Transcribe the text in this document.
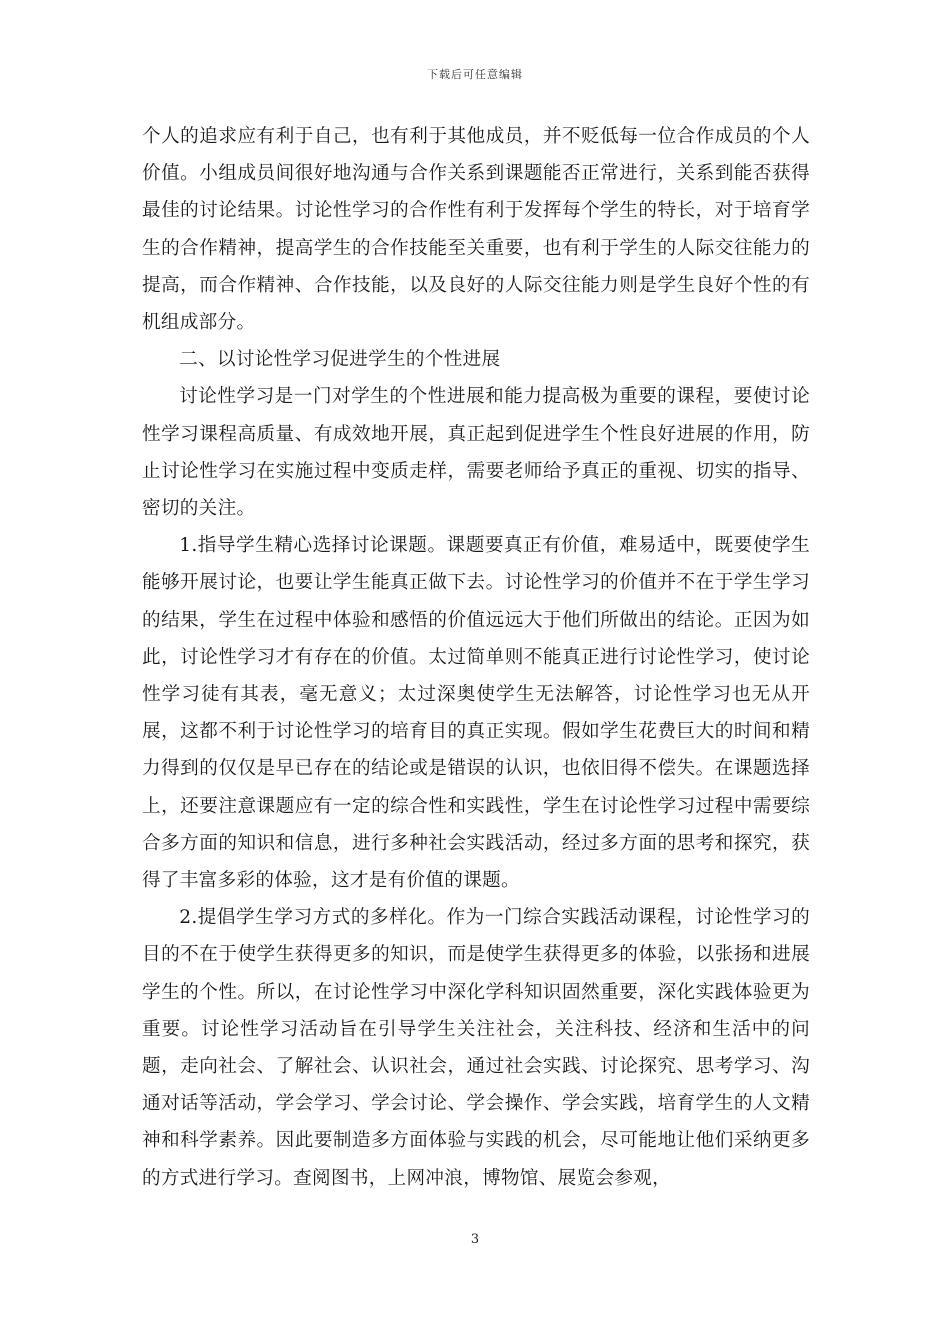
下载后可任意编辑

个人的追求应有利于自己，也有利于其他成员，并不贬低每一位合作成员的个人价值。小组成员间很好地沟通与合作关系到课题能否正常进行，关系到能否获得最佳的讨论结果。讨论性学习的合作性有利于发挥每个学生的特长，对于培育学生的合作精神，提高学生的合作技能至关重要，也有利于学生的人际交往能力的提高，而合作精神、合作技能，以及良好的人际交往能力则是学生良好个性的有机组成部分。

二、以讨论性学习促进学生的个性进展

讨论性学习是一门对学生的个性进展和能力提高极为重要的课程，要使讨论性学习课程高质量、有成效地开展，真正起到促进学生个性良好进展的作用，防止讨论性学习在实施过程中变质走样，需要老师给予真正的重视、切实的指导、密切的关注。

1.指导学生精心选择讨论课题。课题要真正有价值，难易适中，既要使学生能够开展讨论，也要让学生能真正做下去。讨论性学习的价值并不在于学生学习的结果，学生在过程中体验和感悟的价值远远大于他们所做出的结论。正因为如此，讨论性学习才有存在的价值。太过简单则不能真正进行讨论性学习，使讨论性学习徒有其表，毫无意义；太过深奥使学生无法解答，讨论性学习也无从开展，这都不利于讨论性学习的培育目的真正实现。假如学生花费巨大的时间和精力得到的仅仅是早已存在的结论或是错误的认识，也依旧得不偿失。在课题选择上，还要注意课题应有一定的综合性和实践性，学生在讨论性学习过程中需要综合多方面的知识和信息，进行多种社会实践活动，经过多方面的思考和探究，获得了丰富多彩的体验，这才是有价值的课题。

2.提倡学生学习方式的多样化。作为一门综合实践活动课程，讨论性学习的目的不在于使学生获得更多的知识，而是使学生获得更多的体验，以张扬和进展学生的个性。所以，在讨论性学习中深化学科知识固然重要，深化实践体验更为重要。讨论性学习活动旨在引导学生关注社会，关注科技、经济和生活中的问题，走向社会、了解社会、认识社会，通过社会实践、讨论探究、思考学习、沟通对话等活动，学会学习、学会讨论、学会操作、学会实践，培育学生的人文精神和科学素养。因此要制造多方面体验与实践的机会，尽可能地让他们采纳更多的方式进行学习。查阅图书，上网冲浪，博物馆、展览会参观，

3
